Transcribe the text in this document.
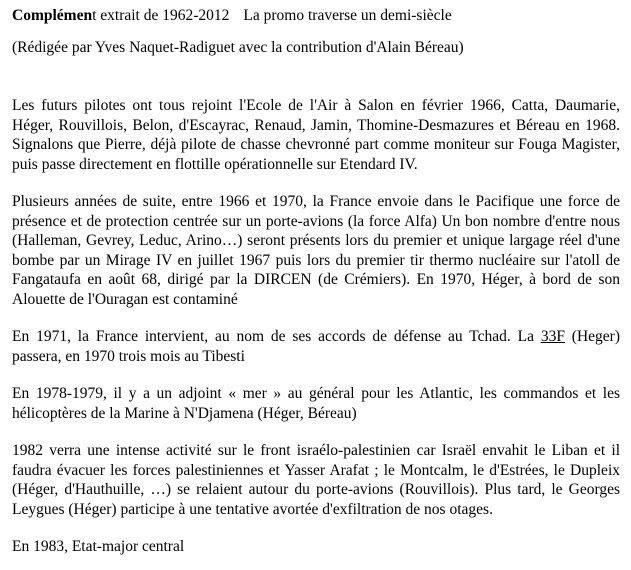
Complément extrait de 1962-2012 La promo traverse un demi-siècle

(Rédigée par Yves Naquet-Radiguet avec la contribution d'Alain Béreau)

Les futurs pilotes ont tous rejoint l'Ecole de l'Air à Salon en février 1966, Catta, Daumarie, Héger, Rouvillois, Belon, d'Escayrac, Renaud, Jamin, Thomine-Desmazures et Béreau en 1968. Signalons que Pierre, déjà pilote de chasse chevronné part comme moniteur sur Fouga Magister, puis passe directement en flottille opérationnelle sur Etendard IV.

Plusieurs années de suite, entre 1966 et 1970, la France envoie dans le Pacifique une force de présence et de protection centrée sur un porte-avions (la force Alfa) Un bon nombre d'entre nous (Halleman, Gevrey, Leduc, Arino…) seront présents lors du premier et unique largage réel d'une bombe par un Mirage IV en juillet 1967 puis lors du premier tir thermo nucléaire sur l'atoll de Fangataufa en août 68, dirigé par la DIRCEN (de Crémiers). En 1970, Héger, à bord de son Alouette de l'Ouragan est contaminé

En 1971, la France intervient, au nom de ses accords de défense au Tchad. La 33F (Heger) passera, en 1970 trois mois au Tibesti

En 1978-1979, il y a un adjoint « mer » au général pour les Atlantic, les commandos et les hélicoptères de la Marine à N'Djamena (Héger, Béreau)

1982 verra une intense activité sur le front israélo-palestinien car Israël envahit le Liban et il faudra évacuer les forces palestiniennes et Yasser Arafat ; le Montcalm, le d'Estrées, le Dupleix (Héger, d'Hauthuille, …) se relaient autour du porte-avions (Rouvillois). Plus tard, le Georges Leygues (Héger) participe à une tentative avortée d'exfiltration de nos otages.

En 1983, Etat-major central
